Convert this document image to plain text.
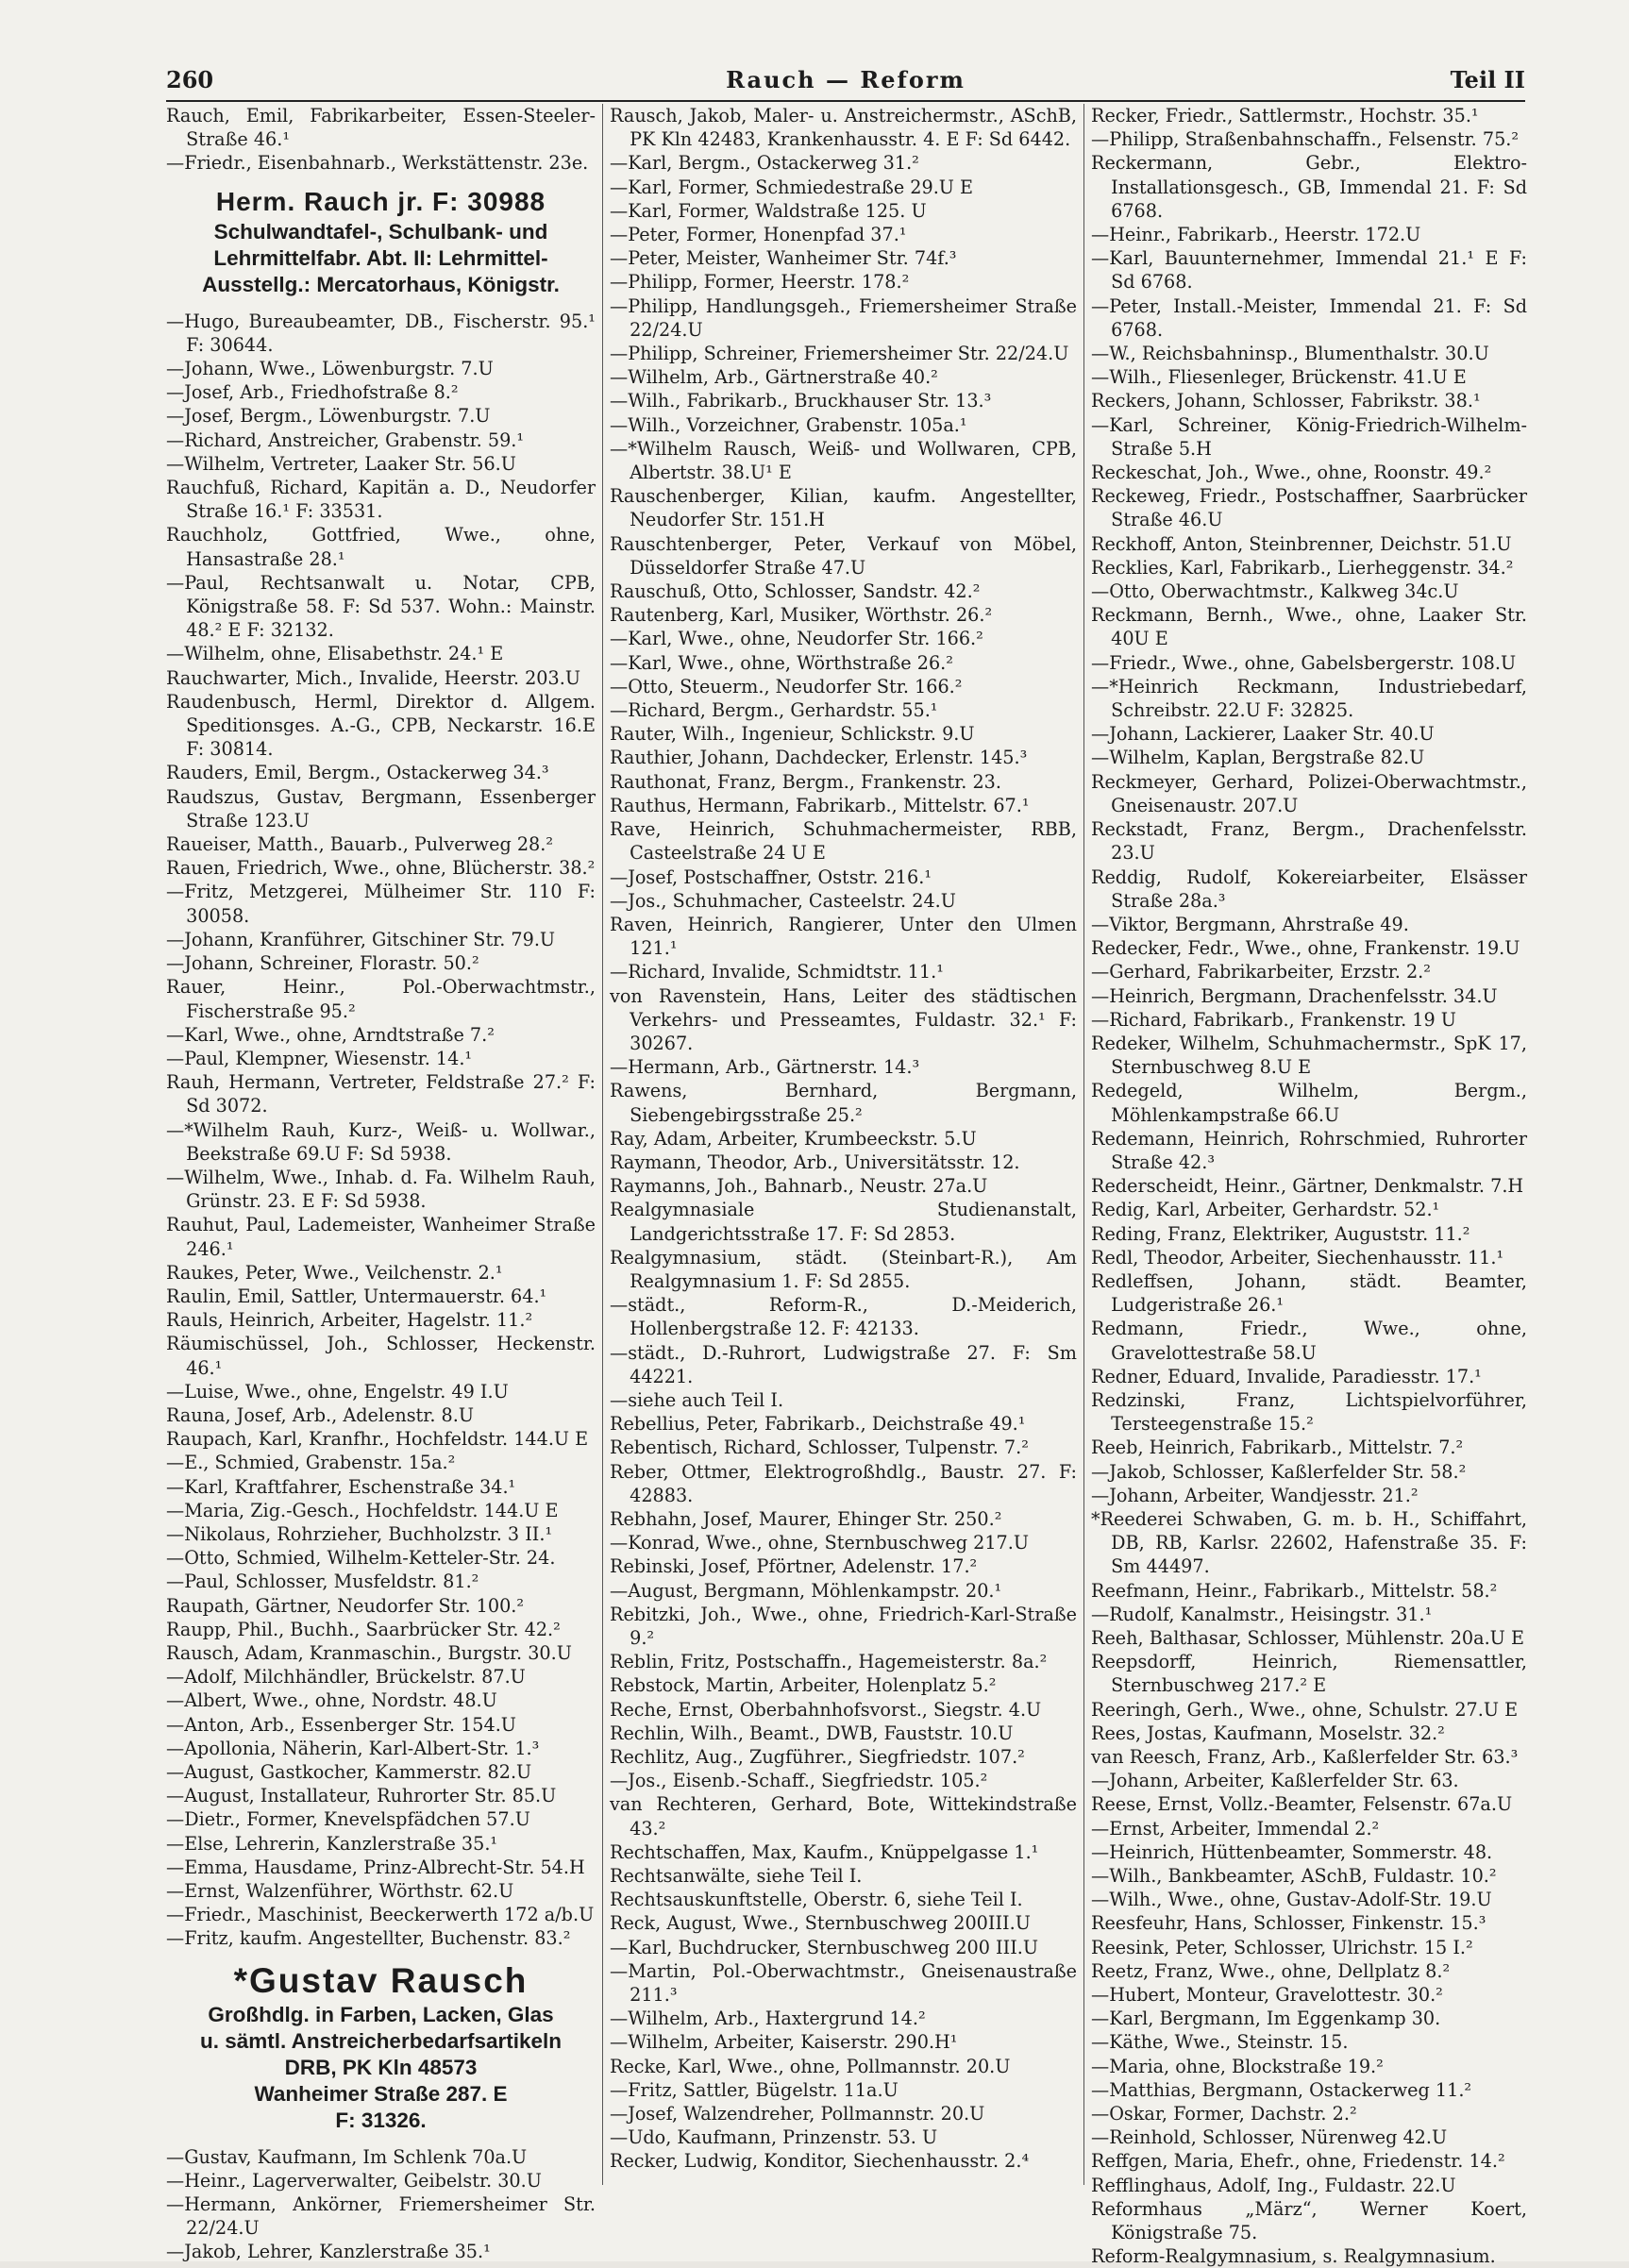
260	Rauch — Reform	Teil II

Rauch, Emil, Fabrikarbeiter, Essen-Steeler-Straße 46.¹

—Friedr., Eisenbahnarb., Werkstättenstr. 23e.

Herm. Rauch jr. F: 30988
Schulwandtafel-, Schulbank- und
Lehrmittelfabr. Abt. II: Lehrmittel-
Ausstellg.: Mercatorhaus, Königstr.

—Hugo, Bureaubeamter, DB., Fischerstr. 95.¹ F: 30644.

—Johann, Wwe., Löwenburgstr. 7.U

—Josef, Arb., Friedhofstraße 8.²

—Josef, Bergm., Löwenburgstr. 7.U

—Richard, Anstreicher, Grabenstr. 59.¹

—Wilhelm, Vertreter, Laaker Str. 56.U

Rauchfuß, Richard, Kapitän a. D., Neudorfer Straße 16.¹ F: 33531.

Rauchholz, Gottfried, Wwe., ohne, Hansastraße 28.¹

—Paul, Rechtsanwalt u. Notar, CPB, Königstraße 58. F: Sd 537. Wohn.: Mainstr. 48.² E F: 32132.

—Wilhelm, ohne, Elisabethstr. 24.¹ E

Rauchwarter, Mich., Invalide, Heerstr. 203.U

Raudenbusch, Herml, Direktor d. Allgem. Speditionsges. A.-G., CPB, Neckarstr. 16.E F: 30814.

Rauders, Emil, Bergm., Ostackerweg 34.³

Raudszus, Gustav, Bergmann, Essenberger Straße 123.U

Raueiser, Matth., Bauarb., Pulverweg 28.²

Rauen, Friedrich, Wwe., ohne, Blücherstr. 38.²

—Fritz, Metzgerei, Mülheimer Str. 110 F: 30058.

—Johann, Kranführer, Gitschiner Str. 79.U

—Johann, Schreiner, Florastr. 50.²

Rauer, Heinr., Pol.-Oberwachtmstr., Fischerstraße 95.²

—Karl, Wwe., ohne, Arndtstraße 7.²

—Paul, Klempner, Wiesenstr. 14.¹

Rauh, Hermann, Vertreter, Feldstraße 27.² F: Sd 3072.

—*Wilhelm Rauh, Kurz-, Weiß- u. Wollwar., Beekstraße 69.U F: Sd 5938.

—Wilhelm, Wwe., Inhab. d. Fa. Wilhelm Rauh, Grünstr. 23. E F: Sd 5938.

Rauhut, Paul, Lademeister, Wanheimer Straße 246.¹

Raukes, Peter, Wwe., Veilchenstr. 2.¹

Raulin, Emil, Sattler, Untermauerstr. 64.¹

Rauls, Heinrich, Arbeiter, Hagelstr. 11.²

Räumischüssel, Joh., Schlosser, Heckenstr. 46.¹

—Luise, Wwe., ohne, Engelstr. 49 I.U

Rauna, Josef, Arb., Adelenstr. 8.U

Raupach, Karl, Kranfhr., Hochfeldstr. 144.U E

—E., Schmied, Grabenstr. 15a.²

—Karl, Kraftfahrer, Eschenstraße 34.¹

—Maria, Zig.-Gesch., Hochfeldstr. 144.U E

—Nikolaus, Rohrzieher, Buchholzstr. 3 II.¹

—Otto, Schmied, Wilhelm-Ketteler-Str. 24.

—Paul, Schlosser, Musfeldstr. 81.²

Raupath, Gärtner, Neudorfer Str. 100.²

Raupp, Phil., Buchh., Saarbrücker Str. 42.²

Rausch, Adam, Kranmaschin., Burgstr. 30.U

—Adolf, Milchhändler, Brückelstr. 87.U

—Albert, Wwe., ohne, Nordstr. 48.U

—Anton, Arb., Essenberger Str. 154.U

—Apollonia, Näherin, Karl-Albert-Str. 1.³

—August, Gastkocher, Kammerstr. 82.U

—August, Installateur, Ruhrorter Str. 85.U

—Dietr., Former, Knevelspfädchen 57.U

—Else, Lehrerin, Kanzlerstraße 35.¹

—Emma, Hausdame, Prinz-Albrecht-Str. 54.H

—Ernst, Walzenführer, Wörthstr. 62.U

—Friedr., Maschinist, Beeckerwerth 172 a/b.U

—Fritz, kaufm. Angestellter, Buchenstr. 83.²

*Gustav Rausch
Großhdlg. in Farben, Lacken, Glas
u. sämtl. Anstreicherbedarfsartikeln
DRB, PK Kln 48573
Wanheimer Straße 287. E
F: 31326.

—Gustav, Kaufmann, Im Schlenk 70a.U

—Heinr., Lagerverwalter, Geibelstr. 30.U

—Hermann, Ankörner, Friemersheimer Str. 22/24.U

—Jakob, Lehrer, Kanzlerstraße 35.¹

Rausch, Jakob, Maler- u. Anstreichermstr., ASchB, PK Kln 42483, Krankenhausstr. 4. E F: Sd 6442.

—Karl, Bergm., Ostackerweg 31.²

—Karl, Former, Schmiedestraße 29.U E

—Karl, Former, Waldstraße 125. U

—Peter, Former, Honenpfad 37.¹

—Peter, Meister, Wanheimer Str. 74f.³

—Philipp, Former, Heerstr. 178.²

—Philipp, Handlungsgeh., Friemersheimer Straße 22/24.U

—Philipp, Schreiner, Friemersheimer Str. 22/24.U

—Wilhelm, Arb., Gärtnerstraße 40.²

—Wilh., Fabrikarb., Bruckhauser Str. 13.³

—Wilh., Vorzeichner, Grabenstr. 105a.¹

—*Wilhelm Rausch, Weiß- und Wollwaren, CPB, Albertstr. 38.U¹ E

Rauschenberger, Kilian, kaufm. Angestellter, Neudorfer Str. 151.H

Rauschtenberger, Peter, Verkauf von Möbel, Düsseldorfer Straße 47.U

Rauschuß, Otto, Schlosser, Sandstr. 42.²

Rautenberg, Karl, Musiker, Wörthstr. 26.²

—Karl, Wwe., ohne, Neudorfer Str. 166.²

—Karl, Wwe., ohne, Wörthstraße 26.²

—Otto, Steuerm., Neudorfer Str. 166.²

—Richard, Bergm., Gerhardstr. 55.¹

Rauter, Wilh., Ingenieur, Schlickstr. 9.U

Rauthier, Johann, Dachdecker, Erlenstr. 145.³

Rauthonat, Franz, Bergm., Frankenstr. 23.

Rauthus, Hermann, Fabrikarb., Mittelstr. 67.¹

Rave, Heinrich, Schuhmachermeister, RBB, Casteelstraße 24 U E

—Josef, Postschaffner, Oststr. 216.¹

—Jos., Schuhmacher, Casteelstr. 24.U

Raven, Heinrich, Rangierer, Unter den Ulmen 121.¹

—Richard, Invalide, Schmidtstr. 11.¹

von Ravenstein, Hans, Leiter des städtischen Verkehrs- und Presseamtes, Fuldastr. 32.¹ F: 30267.

—Hermann, Arb., Gärtnerstr. 14.³

Rawens, Bernhard, Bergmann, Siebengebirgsstraße 25.²

Ray, Adam, Arbeiter, Krumbeeckstr. 5.U

Raymann, Theodor, Arb., Universitätsstr. 12.

Raymanns, Joh., Bahnarb., Neustr. 27a.U

Realgymnasiale Studienanstalt, Landgerichtsstraße 17. F: Sd 2853.

Realgymnasium, städt. (Steinbart-R.), Am Realgymnasium 1. F: Sd 2855.

—städt., Reform-R., D.-Meiderich, Hollenbergstraße 12. F: 42133.

—städt., D.-Ruhrort, Ludwigstraße 27. F: Sm 44221.

—siehe auch Teil I.

Rebellius, Peter, Fabrikarb., Deichstraße 49.¹

Rebentisch, Richard, Schlosser, Tulpenstr. 7.²

Reber, Ottmer, Elektrogroßhdlg., Baustr. 27. F: 42883.

Rebhahn, Josef, Maurer, Ehinger Str. 250.²

—Konrad, Wwe., ohne, Sternbuschweg 217.U

Rebinski, Josef, Pförtner, Adelenstr. 17.²

—August, Bergmann, Möhlenkampstr. 20.¹

Rebitzki, Joh., Wwe., ohne, Friedrich-Karl-Straße 9.²

Reblin, Fritz, Postschaffn., Hagemeisterstr. 8a.²

Rebstock, Martin, Arbeiter, Holenplatz 5.²

Reche, Ernst, Oberbahnhofsvorst., Siegstr. 4.U

Rechlin, Wilh., Beamt., DWB, Fauststr. 10.U

Rechlitz, Aug., Zugführer., Siegfriedstr. 107.²

—Jos., Eisenb.-Schaff., Siegfriedstr. 105.²

van Rechteren, Gerhard, Bote, Wittekindstraße 43.²

Rechtschaffen, Max, Kaufm., Knüppelgasse 1.¹

Rechtsanwälte, siehe Teil I.

Rechtsauskunftstelle, Oberstr. 6, siehe Teil I.

Reck, August, Wwe., Sternbuschweg 200III.U

—Karl, Buchdrucker, Sternbuschweg 200 III.U

—Martin, Pol.-Oberwachtmstr., Gneisenaustraße 211.³

—Wilhelm, Arb., Haxtergrund 14.²

—Wilhelm, Arbeiter, Kaiserstr. 290.H¹

Recke, Karl, Wwe., ohne, Pollmannstr. 20.U

—Fritz, Sattler, Bügelstr. 11a.U

—Josef, Walzendreher, Pollmannstr. 20.U

—Udo, Kaufmann, Prinzenstr. 53. U

Recker, Ludwig, Konditor, Siechenhausstr. 2.⁴

Recker, Friedr., Sattlermstr., Hochstr. 35.¹

—Philipp, Straßenbahnschaffn., Felsenstr. 75.²

Reckermann, Gebr., Elektro-Installationsgesch., GB, Immendal 21. F: Sd 6768.

—Heinr., Fabrikarb., Heerstr. 172.U

—Karl, Bauunternehmer, Immendal 21.¹ E F: Sd 6768.

—Peter, Install.-Meister, Immendal 21. F: Sd 6768.

—W., Reichsbahninsp., Blumenthalstr. 30.U

—Wilh., Fliesenleger, Brückenstr. 41.U E

Reckers, Johann, Schlosser, Fabrikstr. 38.¹

—Karl, Schreiner, König-Friedrich-Wilhelm-Straße 5.H

Reckeschat, Joh., Wwe., ohne, Roonstr. 49.²

Reckeweg, Friedr., Postschaffner, Saarbrücker Straße 46.U

Reckhoff, Anton, Steinbrenner, Deichstr. 51.U

Recklies, Karl, Fabrikarb., Lierheggenstr. 34.²

—Otto, Oberwachtmstr., Kalkweg 34c.U

Reckmann, Bernh., Wwe., ohne, Laaker Str. 40U E

—Friedr., Wwe., ohne, Gabelsbergerstr. 108.U

—*Heinrich Reckmann, Industriebedarf, Schreibstr. 22.U F: 32825.

—Johann, Lackierer, Laaker Str. 40.U

—Wilhelm, Kaplan, Bergstraße 82.U

Reckmeyer, Gerhard, Polizei-Oberwachtmstr., Gneisenaustr. 207.U

Reckstadt, Franz, Bergm., Drachenfelsstr. 23.U

Reddig, Rudolf, Kokereiarbeiter, Elsässer Straße 28a.³

—Viktor, Bergmann, Ahrstraße 49.

Redecker, Fedr., Wwe., ohne, Frankenstr. 19.U

—Gerhard, Fabrikarbeiter, Erzstr. 2.²

—Heinrich, Bergmann, Drachenfelsstr. 34.U

—Richard, Fabrikarb., Frankenstr. 19 U

Redeker, Wilhelm, Schuhmachermstr., SpK 17, Sternbuschweg 8.U E

Redegeld, Wilhelm, Bergm., Möhlenkampstraße 66.U

Redemann, Heinrich, Rohrschmied, Ruhrorter Straße 42.³

Rederscheidt, Heinr., Gärtner, Denkmalstr. 7.H

Redig, Karl, Arbeiter, Gerhardstr. 52.¹

Reding, Franz, Elektriker, Auguststr. 11.²

Redl, Theodor, Arbeiter, Siechenhausstr. 11.¹

Redleffsen, Johann, städt. Beamter, Ludgeristraße 26.¹

Redmann, Friedr., Wwe., ohne, Gravelottestraße 58.U

Redner, Eduard, Invalide, Paradiesstr. 17.¹

Redzinski, Franz, Lichtspielvorführer, Tersteegenstraße 15.²

Reeb, Heinrich, Fabrikarb., Mittelstr. 7.²

—Jakob, Schlosser, Kaßlerfelder Str. 58.²

—Johann, Arbeiter, Wandjesstr. 21.²

*Reederei Schwaben, G. m. b. H., Schiffahrt, DB, RB, Karlsr. 22602, Hafenstraße 35. F: Sm 44497.

Reefmann, Heinr., Fabrikarb., Mittelstr. 58.²

—Rudolf, Kanalmstr., Heisingstr. 31.¹

Reeh, Balthasar, Schlosser, Mühlenstr. 20a.U E

Reepsdorff, Heinrich, Riemensattler, Sternbuschweg 217.² E

Reeringh, Gerh., Wwe., ohne, Schulstr. 27.U E

Rees, Jostas, Kaufmann, Moselstr. 32.²

van Reesch, Franz, Arb., Kaßlerfelder Str. 63.³

—Johann, Arbeiter, Kaßlerfelder Str. 63.

Reese, Ernst, Vollz.-Beamter, Felsenstr. 67a.U

—Ernst, Arbeiter, Immendal 2.²

—Heinrich, Hüttenbeamter, Sommerstr. 48.

—Wilh., Bankbeamter, ASchB, Fuldastr. 10.²

—Wilh., Wwe., ohne, Gustav-Adolf-Str. 19.U

Reesfeuhr, Hans, Schlosser, Finkenstr. 15.³

Reesink, Peter, Schlosser, Ulrichstr. 15 I.²

Reetz, Franz, Wwe., ohne, Dellplatz 8.²

—Hubert, Monteur, Gravelottestr. 30.²

—Karl, Bergmann, Im Eggenkamp 30.

—Käthe, Wwe., Steinstr. 15.

—Maria, ohne, Blockstraße 19.²

—Matthias, Bergmann, Ostackerweg 11.²

—Oskar, Former, Dachstr. 2.²

—Reinhold, Schlosser, Nürenweg 42.U

Reffgen, Maria, Ehefr., ohne, Friedenstr. 14.²

Refflinghaus, Adolf, Ing., Fuldastr. 22.U

Reformhaus „März“, Werner Koert, Königstraße 75.

Reform-Realgymnasium, s. Realgymnasium.
